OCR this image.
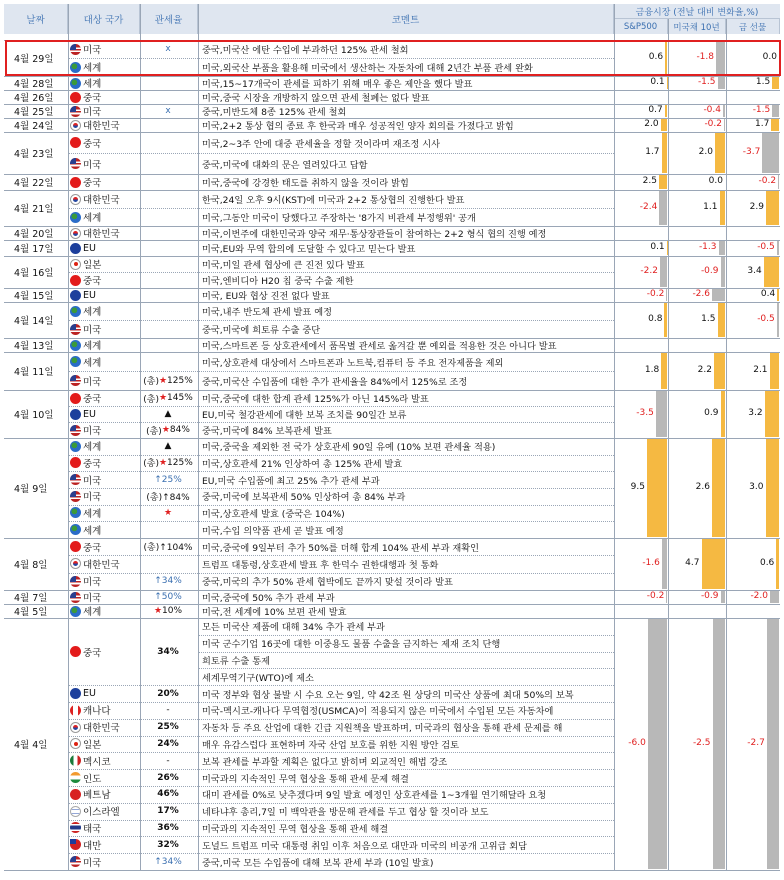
날짜	대상 국가	관세율	코멘트
금융시장 (전날 대비 변화율,%)
S&P500	미국채 10년	금 선물
4월 29일
미국	x	중국,미국산 에탄 수입에 부과하던 125% 관세 철회
세계	미국,외국산 부품을 활용해 미국에서 생산하는 자동차에 대해 2년간 부품 관세 완화
0.6	-1.8	0.0
4월 28일	세계	미국,15~17개국이 관세를 피하기 위해 매우 좋은 제안을 했다 발표	0.1	-1.5	1.5
4월 26일	중국	미국,중국 시장을 개방하지 않으면 관세 철폐는 없다 발표
4월 25일	미국	x	중국,미반도체 8종 125% 관세 철회	0.7	-0.4	-1.5
4월 24일	대한민국	미국,2+2 통상 협의 종료 후 한국과 매우 성공적인 양자 회의를 가졌다고 밝힘	2.0	-0.2	1.7
4월 23일
중국	미국,2~3주 안에 대중 관세율을 정할 것이라며 재조정 시사
미국	중국,미국에 대화의 문은 열려있다고 답함
1.7	2.0	-3.7
4월 22일	중국	미국,중국에 강경한 태도를 취하지 않을 것이라 밝힘	2.5	0.0	-0.2
4월 21일
대한민국	한국,24일 오후 9시(KST)에 미국과 2+2 통상협의 진행한다 발표
세계	미국,그동안 미국이 당했다고 주장하는 '8가지 비관세 부정행위' 공개
-2.4	1.1	2.9
4월 20일	대한민국	미국,이번주에 대한민국과 양국 재무·통상장관들이 참여하는 2+2 형식 협의 진행 예정
4월 17일	EU	미국,EU와 무역 합의에 도달할 수 있다고 믿는다 발표	0.1	-1.3	-0.5
4월 16일
일본	미국,미일 관세 협상에 큰 진전 있다 발표
중국	미국,엔비디아 H20 칩 중국 수출 제한
-2.2	-0.9	3.4
4월 15일	EU	미국, EU와 협상 진전 없다 발표	-0.2	-2.6	0.4
4월 14일
세계	미국,내주 반도체 관세 발표 예정
미국	중국,미국에 희토류 수출 중단
0.8	1.5	-0.5
4월 13일	세계	미국,스마트폰 등 상호관세에서 품목별 관세로 옮겨갈 뿐 예외를 적용한 것은 아니다 발표
4월 11일
세계	미국,상호관세 대상에서 스마트폰과 노트북,컴퓨터 등 주요 전자제품을 제외
미국	(총) ★ 125%	중국,미국산 수입품에 대한 추가 관세율을 84%에서 125%로 조정
1.8	2.2	2.1
4월 10일
중국	(총) ★ 145%	미국,중국에 대한 합계 관세 125%가 아닌 145%라 발표
EU	▲	EU,미국 철강관세에 대한 보복 조치를 90일간 보류
미국	(총) ★ 84%	중국,미국에 84% 보복관세 발표
-3.5	0.9	3.2
4월 9일
세계	▲	미국,중국을 제외한 전 국가 상호관세 90일 유예 (10% 보편 관세율 적용)
중국	(총) ★ 125%	미국,상호관세 21% 인상하여 총 125% 관세 발효
미국	↑25%	EU,미국 수입품에 최고 25% 추가 관세 부과
미국	(총)↑84%	중국,미국에 보복관세 50% 인상하여 총 84% 부과
세계	★	미국,상호관세 발효 (중국은 104%)
세계	미국,수입 의약품 관세 곧 발표 예정
9.5	2.6	3.0
4월 8일
중국	(총)↑104%	미국,중국에 9일부터 추가 50%를 더해 합계 104% 관세 부과 재확인
대한민국	트럼프 대통령,상호관세 발표 후 한덕수 권한대행과 첫 통화
미국	↑34%	중국,미국의 추가 50% 관세 협박에도 끝까지 맞설 것이라 발표
-1.6	4.7	0.6
4월 7일	미국	↑50%	미국,중국에 50% 추가 관세 부과	-0.2	-0.9	-2.0
4월 5일	세계	★ 10%	미국,전 세계에 10% 보편 관세 발효
4월 4일
중국	34%
모든 미국산 제품에 대해 34% 추가 관세 부과
미국 군수기업 16곳에 대한 이중용도 물품 수출을 금지하는 제재 조치 단행
희토류 수출 통제
세계무역기구(WTO)에 제소
EU	20%	미국 정부와 협상 불발 시 수요 오는 9일, 약 42조 원 상당의 미국산 상품에 최대 50%의 보복
캐나다	-	미국-멕시코-캐나다 무역협정(USMCA)이 적용되지 않은 미국에서 수입된 모든 자동차에
대한민국	25%	자동차 등 주요 산업에 대한 긴급 지원책을 발표하며, 미국과의 협상을 통해 관세 문제를 해
일본	24%	매우 유감스럽다 표현하며 자국 산업 보호를 위한 지원 방안 검토
멕시코	-	보복 관세를 부과할 계획은 없다고 밝히며 외교적인 해법 강조
인도	26%	미국과의 지속적인 무역 협상을 통해 관세 문제 해결
베트남	46%	대미 관세를 0%로 낮추겠다며 9일 발효 예정인 상호관세를 1~3개월 연기해달라 요청
이스라엘	17%	네타냐후 총리,7일 미 백악관을 방문해 관세를 두고 협상 할 것이라 보도
태국	36%	미국과의 지속적인 무역 협상을 통해 관세 해결
대만	32%	도널드 트럼프 미국 대통령 취임 이후 처음으로 대만과 미국의 비공개 고위급 회담
미국	↑34%	중국,미국 모든 수입품에 대해 보복 관세 부과 (10일 발효)
-6.0	-2.5	-2.7
